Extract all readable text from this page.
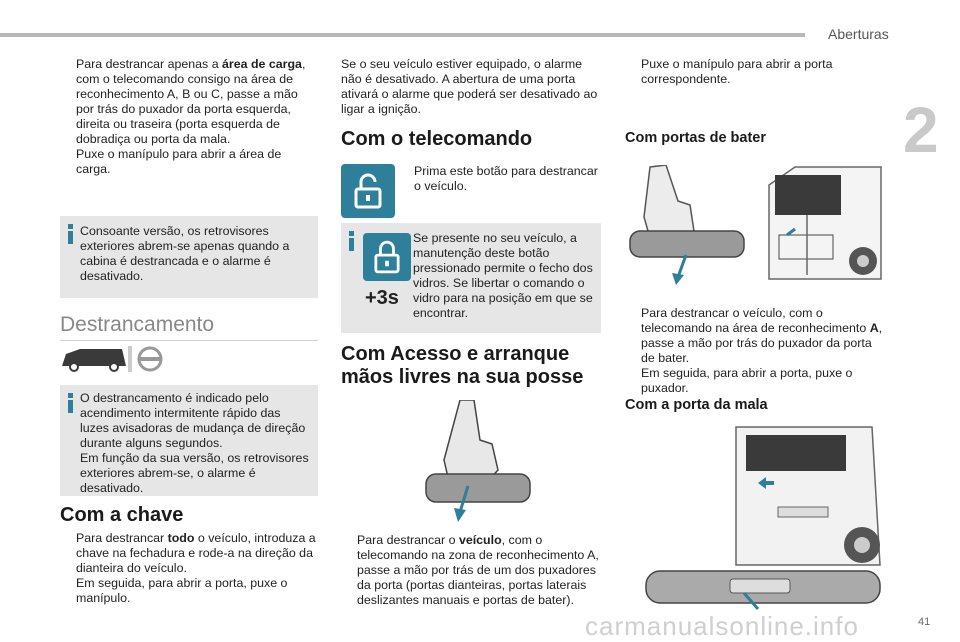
Aberturas
2
41
Para destrancar apenas a área de carga, com o telecomando consigo na área de reconhecimento A, B ou C, passe a mão por trás do puxador da porta esquerda, direita ou traseira (porta esquerda de dobradiça ou porta da mala.
Puxe o manípulo para abrir a área de carga.
Consoante versão, os retrovisores exteriores abrem-se apenas quando a cabina é destrancada e o alarme é desativado.
Destrancamento
O destrancamento é indicado pelo acendimento intermitente rápido das luzes avisadoras de mudança de direção durante alguns segundos.
Em função da sua versão, os retrovisores exteriores abrem-se, o alarme é desativado.
Com a chave
Para destrancar todo o veículo, introduza a chave na fechadura e rode-a na direção da dianteira do veículo.
Em seguida, para abrir a porta, puxe o manípulo.
Se o seu veículo estiver equipado, o alarme não é desativado. A abertura de uma porta ativará o alarme que poderá ser desativado ao ligar a ignição.
Com o telecomando
Prima este botão para destrancar o veículo.
+3s
Se presente no seu veículo, a manutenção deste botão pressionado permite o fecho dos vidros. Se libertar o comando o vidro para na posição em que se encontrar.
Com Acesso e arranque mãos livres na sua posse
Para destrancar o veículo, com o telecomando na zona de reconhecimento A, passe a mão por trás de um dos puxadores da porta (portas dianteiras, portas laterais deslizantes manuais e portas de bater).
Puxe o manípulo para abrir a porta correspondente.
Com portas de bater
Para destrancar o veículo, com o telecomando na área de reconhecimento A, passe a mão por trás do puxador da porta de bater.
Em seguida, para abrir a porta, puxe o puxador.
Com a porta da mala
carmanualsonline.info
